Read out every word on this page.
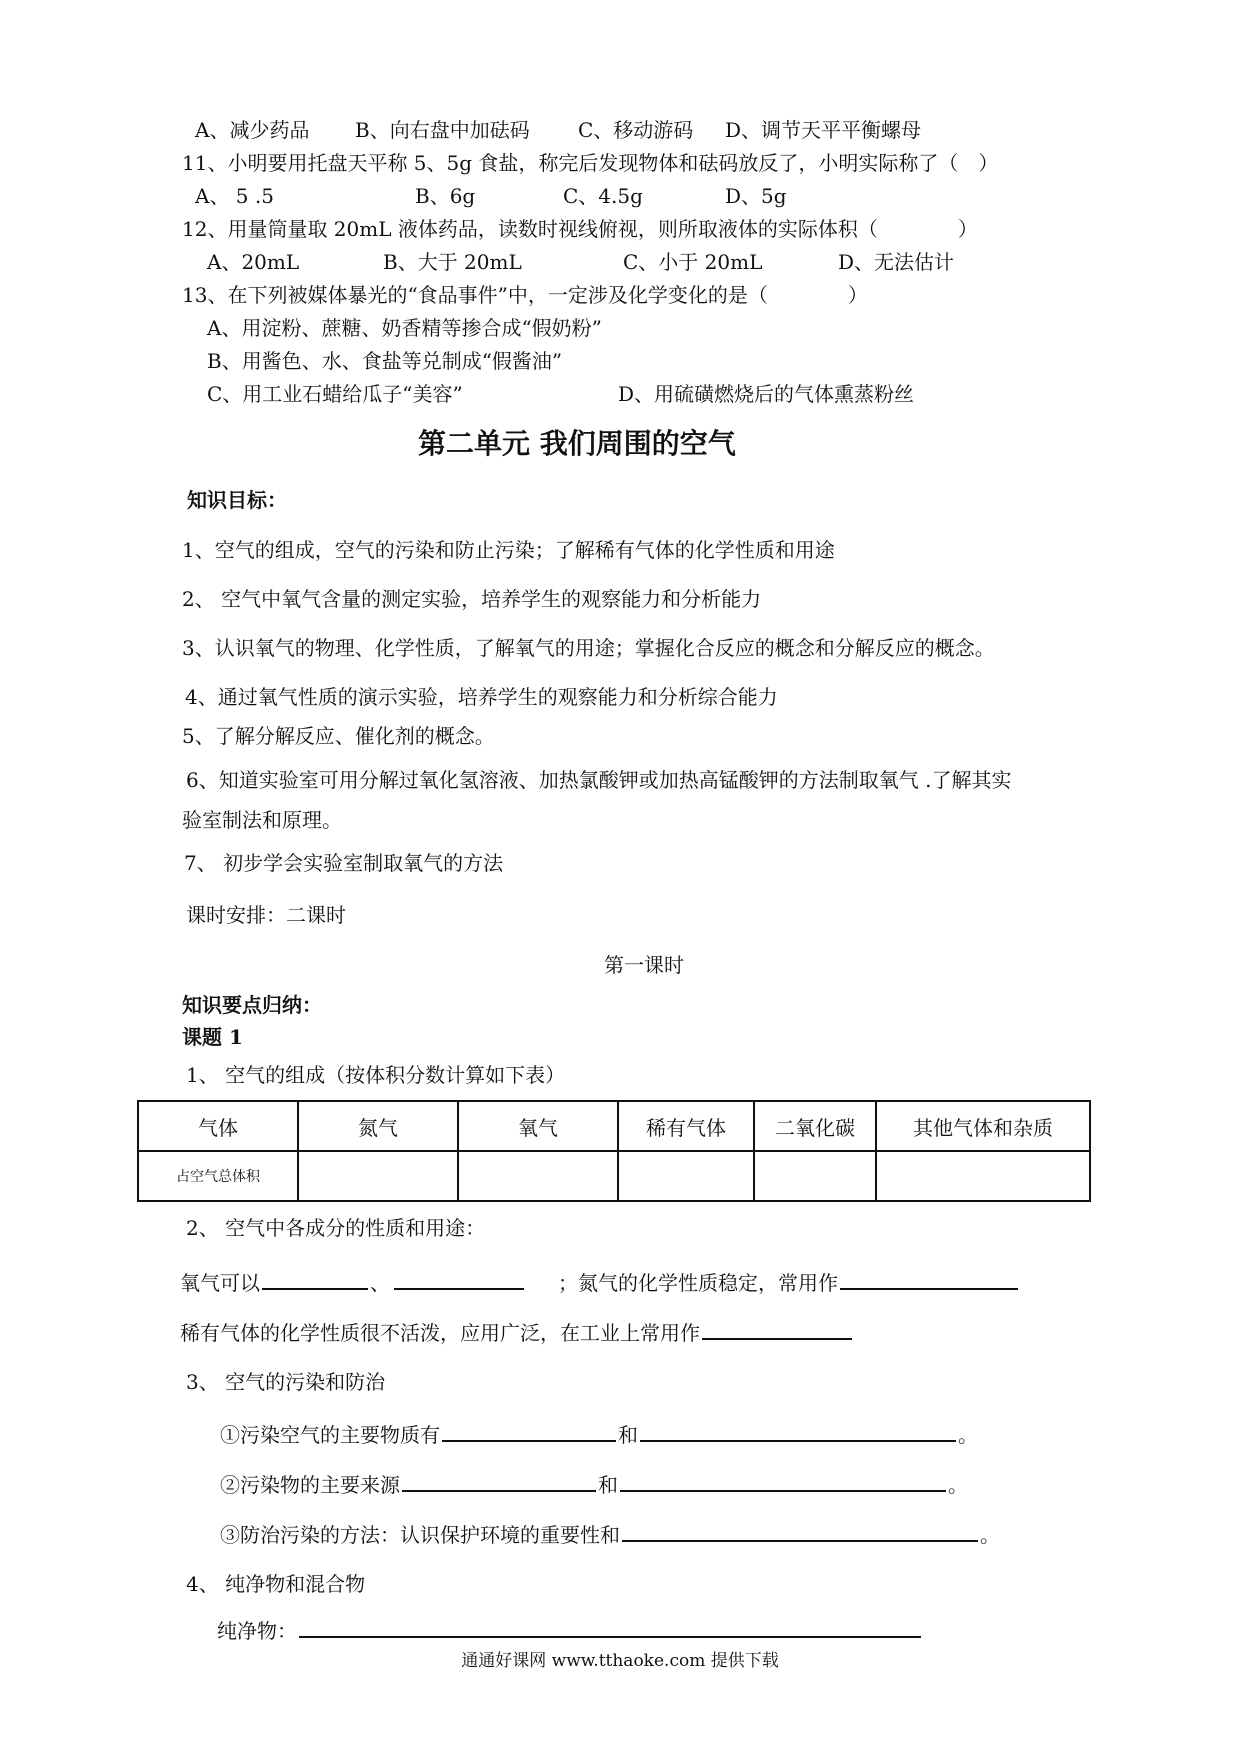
A、减少药品 B、向右盘中加砝码 C、移动游码 D、调节天平平衡螺母
11、小明要用托盘天平称 5、5g 食盐，称完后发现物体和砝码放反了，小明实际称了（　）
A、 5 .5	B、6g	C、4.5g	D、5g
12、用量筒量取 20mL 液体药品，读数时视线俯视，则所取液体的实际体积（　　　　）
A、20mL	B、大于 20mL	C、小于 20mL	D、无法估计
13、在下列被媒体暴光的“食品事件”中，一定涉及化学变化的是（　　　　）
A、用淀粉、蔗糖、奶香精等掺合成“假奶粉”
B、用酱色、水、食盐等兑制成“假酱油”
C、用工业石蜡给瓜子“美容”	D、用硫磺燃烧后的气体熏蒸粉丝
第二单元 我们周围的空气
知识目标：
1、空气的组成，空气的污染和防止污染；了解稀有气体的化学性质和用途
2、 空气中氧气含量的测定实验，培养学生的观察能力和分析能力
3、认识氧气的物理、化学性质，了解氧气的用途；掌握化合反应的概念和分解反应的概念。
4、通过氧气性质的演示实验，培养学生的观察能力和分析综合能力
5、了解分解反应、催化剂的概念。
6、知道实验室可用分解过氧化氢溶液、加热氯酸钾或加热高锰酸钾的方法制取氧气 .了解其实
验室制法和原理。
7、 初步学会实验室制取氧气的方法
课时安排：二课时
第一课时
知识要点归纳：
课题 1
1、 空气的组成（按体积分数计算如下表）
气体	氮气	氧气	稀有气体	二氧化碳	其他气体和杂质
占空气总体积					
2、 空气中各成分的性质和用途：
氧气可以	、	；氮气的化学性质稳定，常用作
稀有气体的化学性质很不活泼，应用广泛，在工业上常用作
3、 空气的污染和防治
①污染空气的主要物质有	和	。
②污染物的主要来源	和	。
③防治污染的方法：认识保护环境的重要性和	。
4、 纯净物和混合物
纯净物：
通通好课网 www.tthaoke.com 提供下载
